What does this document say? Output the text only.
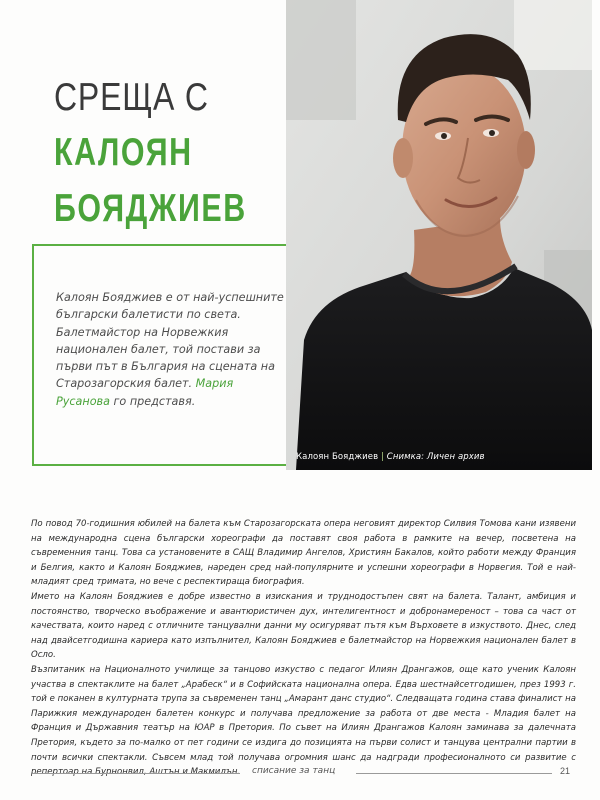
СРЕЩА С
КАЛОЯН
БОЯДЖИЕВ
Калоян Бояджиев е от най-успешните български балетисти по света. Балетмайстор на Норвежкия национален балет, той постави за първи път в България на сцената на Старозагорския балет. Мария Русанова го представя.
Калоян Бояджиев | Снимка: Личен архив

По повод 70-годишния юбилей на балета към Старозагорската опера неговият директор Силвия Томова кани изявени на международна сцена български хореографи да поставят своя работа в рамките на вечер, посветена на съвременния танц. Това са установените в САЩ Владимир Ангелов, Християн Бакалов, който работи между Франция и Белгия, както и Калоян Бояджиев, нареден сред най-популярните и успешни хореографи в Норвегия. Той е най-младият сред тримата, но вече с респектираща биография.

Името на Калоян Бояджиев е добре известно в изискания и труднодостъпен свят на балета. Талант, амбиция и постоянство, творческо въображение и авантюристичен дух, интелигентност и добронамереност – това са част от качествата, които наред с отличните танцувални данни му осигуряват пътя към Върховете в изкуството. Днес, след над двайсетгодишна кариера като изпълнител, Калоян Бояджиев е балетмайстор на Норвежкия национален балет в Осло.

Възпитаник на Националното училище за танцово изкуство с педагог Илиян Дрангажов, още като ученик Калоян участва в спектаклите на балет „Арабеск“ и в Софийската национална опера. Едва шестнайсетгодишен, през 1993 г. той е поканен в културната трупа за съвременен танц „Амарант данс студио“. Следващата година става финалист на Парижкия международен балетен конкурс и получава предложение за работа от две места - Младия балет на Франция и Държавния театър на ЮАР в Претория. По съвет на Илиян Дрангажов Калоян заминава за далечната Претория, където за по-малко от пет години се издига до позицията на първи солист и танцува централни партии в почти всички спектакли. Съвсем млад той получава огромния шанс да надгради професионалното си развитие с

списание за танц	21
